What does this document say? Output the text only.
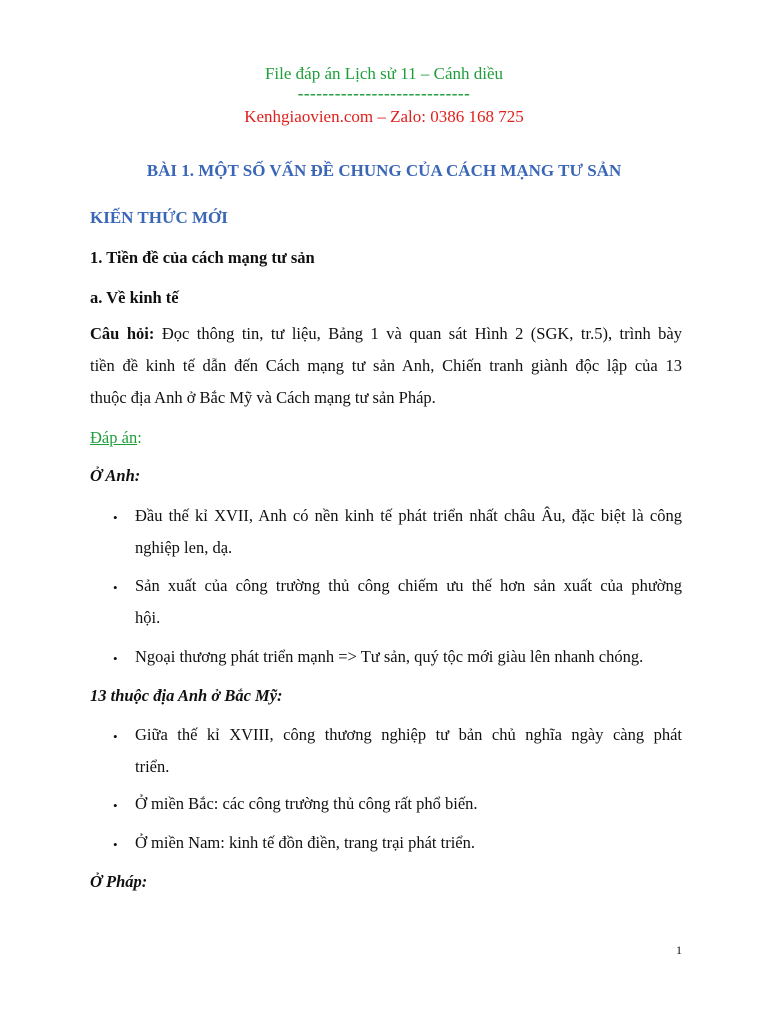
File đáp án Lịch sử 11 – Cánh diều
----------------------------
Kenhgiaovien.com – Zalo: 0386 168 725
BÀI 1. MỘT SỐ VẤN ĐỀ CHUNG CỦA CÁCH MẠNG TƯ SẢN
KIẾN THỨC MỚI
1. Tiền đề của cách mạng tư sản
a. Về kinh tế
Câu hỏi: Đọc thông tin, tư liệu, Bảng 1 và quan sát Hình 2 (SGK, tr.5), trình bày
tiền đề kinh tế dẫn đến Cách mạng tư sản Anh, Chiến tranh giành độc lập của 13
thuộc địa Anh ở Bắc Mỹ và Cách mạng tư sản Pháp.
Đáp án:
Ở Anh:
• Đầu thế kỉ XVII, Anh có nền kinh tế phát triển nhất châu Âu, đặc biệt là công
nghiệp len, dạ.
• Sản xuất của công trường thủ công chiếm ưu thế hơn sản xuất của phường
hội.
• Ngoại thương phát triển mạnh => Tư sản, quý tộc mới giàu lên nhanh chóng.
13 thuộc địa Anh ở Bắc Mỹ:
• Giữa thế kỉ XVIII, công thương nghiệp tư bản chủ nghĩa ngày càng phát
triển.
• Ở miền Bắc: các công trường thủ công rất phổ biến.
• Ở miền Nam: kinh tế đồn điền, trang trại phát triển.
Ở Pháp:
1
